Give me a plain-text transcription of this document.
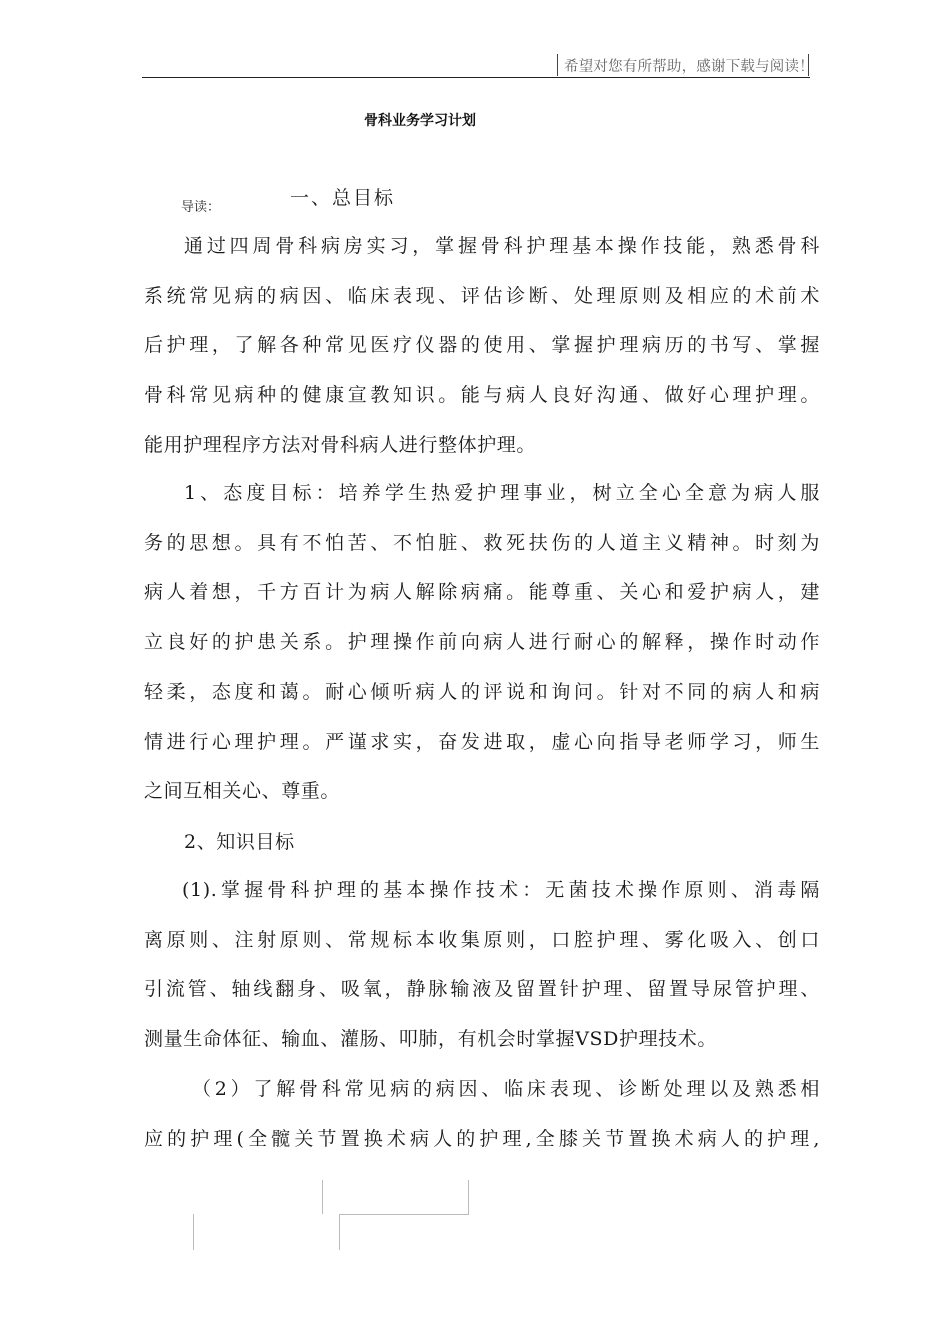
希望对您有所帮助，感谢下载与阅读！
骨科业务学习计划
导读：	一、总目标
通过四周骨科病房实习，掌握骨科护理基本操作技能，熟悉骨科
系统常见病的病因、临床表现、评估诊断、处理原则及相应的术前术
后护理，了解各种常见医疗仪器的使用、掌握护理病历的书写、掌握
骨科常见病种的健康宣教知识。能与病人良好沟通、做好心理护理。
能用护理程序方法对骨科病人进行整体护理。
1、态度目标：培养学生热爱护理事业，树立全心全意为病人服
务的思想。具有不怕苦、不怕脏、救死扶伤的人道主义精神。时刻为
病人着想，千方百计为病人解除病痛。能尊重、关心和爱护病人，建
立良好的护患关系。护理操作前向病人进行耐心的解释，操作时动作
轻柔，态度和蔼。耐心倾听病人的评说和询问。针对不同的病人和病
情进行心理护理。严谨求实，奋发进取，虚心向指导老师学习，师生
之间互相关心、尊重。
2、知识目标
(1).掌握骨科护理的基本操作技术：无菌技术操作原则、消毒隔
离原则、注射原则、常规标本收集原则，口腔护理、雾化吸入、创口
引流管、轴线翻身、吸氧，静脉输液及留置针护理、留置导尿管护理、
测量生命体征、输血、灌肠、叩肺，有机会时掌握VSD护理技术。
（2）了解骨科常见病的病因、临床表现、诊断处理以及熟悉相
应的护理(全髋关节置换术病人的护理,全膝关节置换术病人的护理,
